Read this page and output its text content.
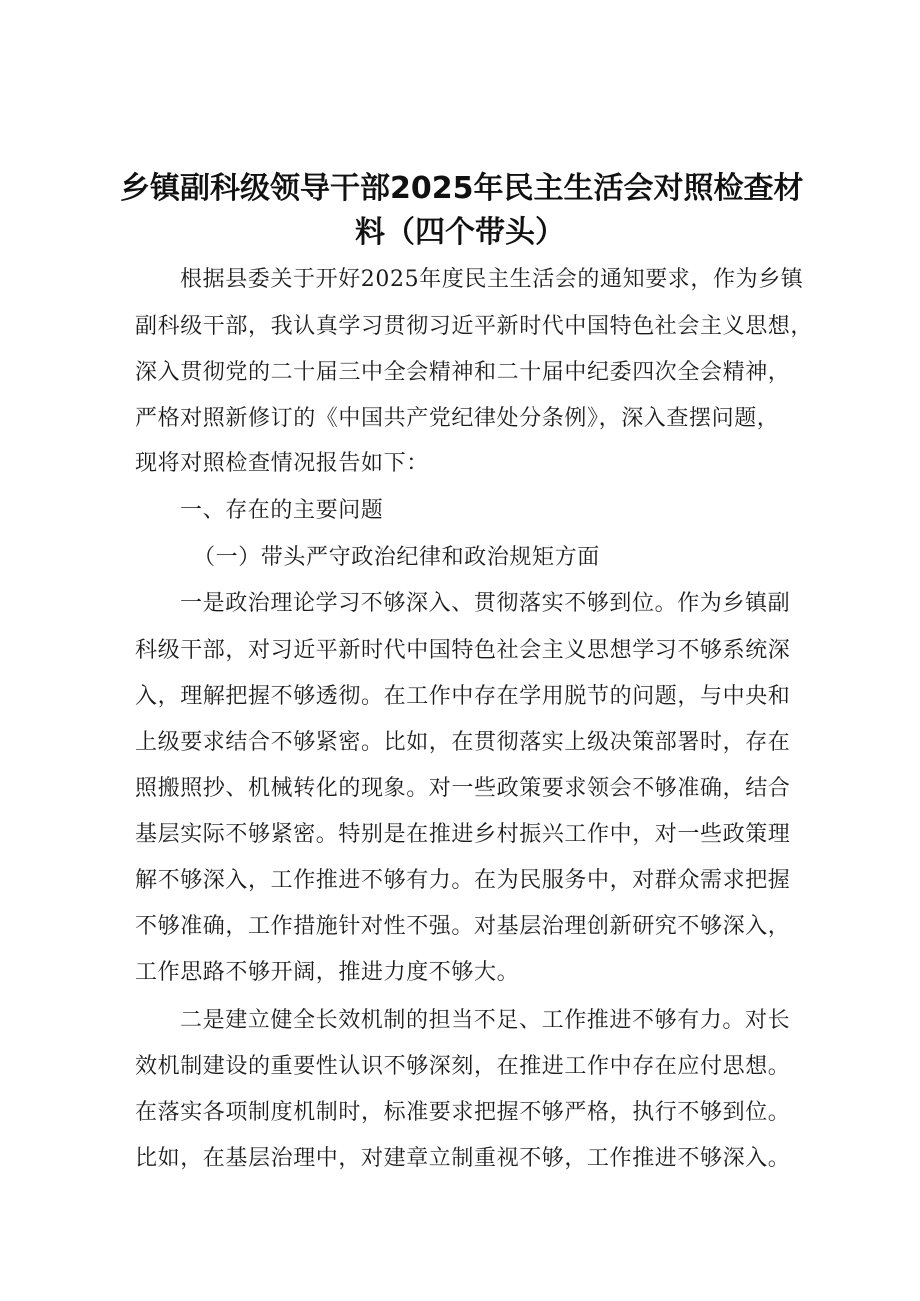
乡镇副科级领导干部2025年民主生活会对照检查材
料（四个带头）

根据县委关于开好2025年度民主生活会的通知要求，作为乡镇

副科级干部，我认真学习贯彻习近平新时代中国特色社会主义思想，

深入贯彻党的二十届三中全会精神和二十届中纪委四次全会精神，

严格对照新修订的《中国共产党纪律处分条例》，深入查摆问题，

现将对照检查情况报告如下：

一、存在的主要问题

（一）带头严守政治纪律和政治规矩方面

一是政治理论学习不够深入、贯彻落实不够到位。作为乡镇副

科级干部，对习近平新时代中国特色社会主义思想学习不够系统深

入，理解把握不够透彻。在工作中存在学用脱节的问题，与中央和

上级要求结合不够紧密。比如，在贯彻落实上级决策部署时，存在

照搬照抄、机械转化的现象。对一些政策要求领会不够准确，结合

基层实际不够紧密。特别是在推进乡村振兴工作中，对一些政策理

解不够深入，工作推进不够有力。在为民服务中，对群众需求把握

不够准确，工作措施针对性不强。对基层治理创新研究不够深入，

工作思路不够开阔，推进力度不够大。

二是建立健全长效机制的担当不足、工作推进不够有力。对长

效机制建设的重要性认识不够深刻，在推进工作中存在应付思想。

在落实各项制度机制时，标准要求把握不够严格，执行不够到位。

比如，在基层治理中，对建章立制重视不够，工作推进不够深入。
